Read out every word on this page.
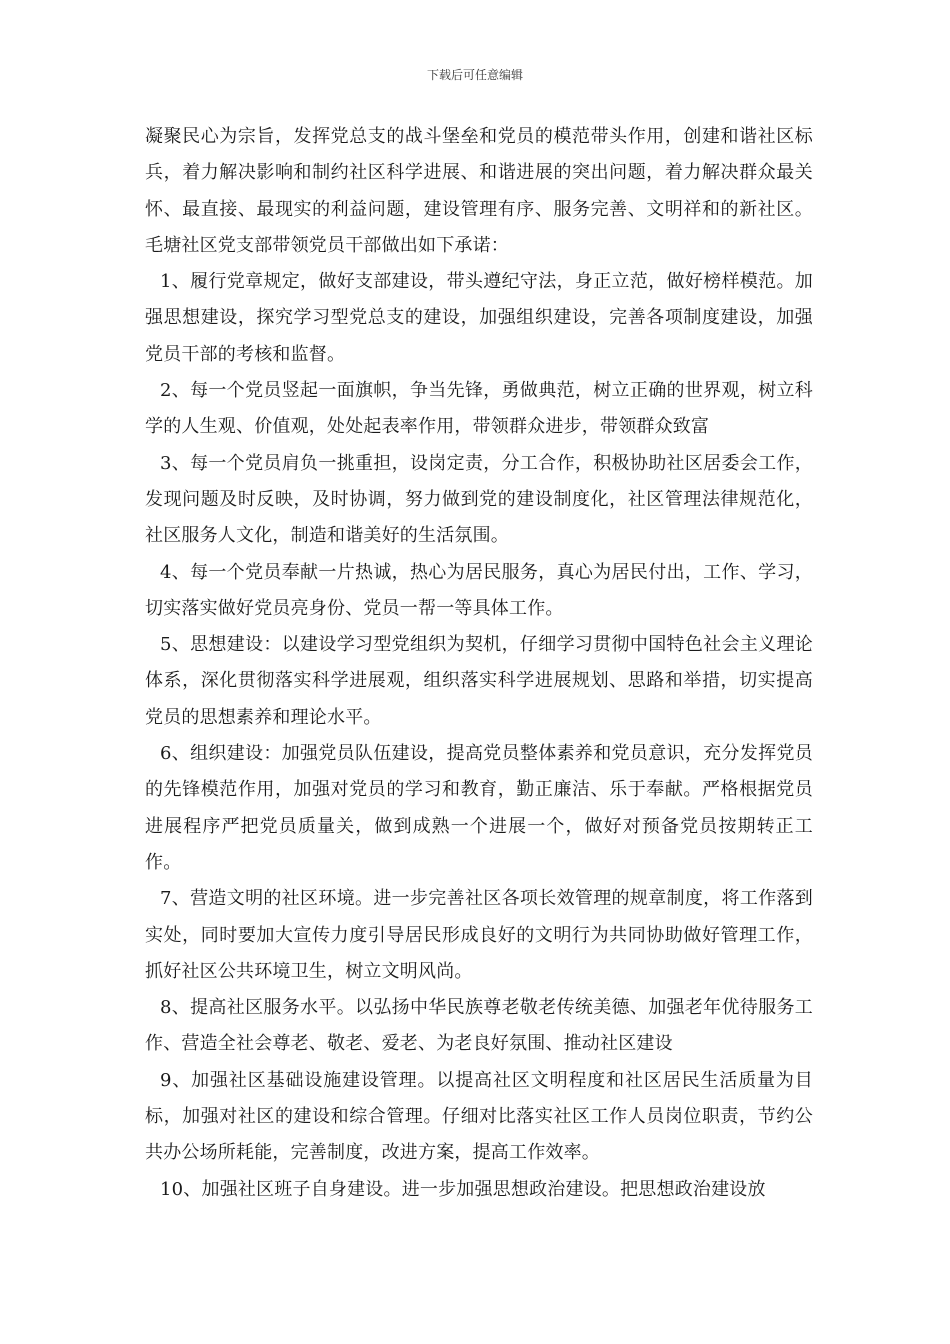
下载后可任意编辑

凝聚民心为宗旨，发挥党总支的战斗堡垒和党员的模范带头作用，创建和谐社区标兵，着力解决影响和制约社区科学进展、和谐进展的突出问题，着力解决群众最关怀、最直接、最现实的利益问题，建设管理有序、服务完善、文明祥和的新社区。毛塘社区党支部带领党员干部做出如下承诺：

1、履行党章规定，做好支部建设，带头遵纪守法，身正立范，做好榜样模范。加强思想建设，探究学习型党总支的建设，加强组织建设，完善各项制度建设，加强党员干部的考核和监督。

2、每一个党员竖起一面旗帜，争当先锋，勇做典范，树立正确的世界观，树立科学的人生观、价值观，处处起表率作用，带领群众进步，带领群众致富

3、每一个党员肩负一挑重担，设岗定责，分工合作，积极协助社区居委会工作，发现问题及时反映，及时协调，努力做到党的建设制度化，社区管理法律规范化，社区服务人文化，制造和谐美好的生活氛围。

4、每一个党员奉献一片热诚，热心为居民服务，真心为居民付出，工作、学习，切实落实做好党员亮身份、党员一帮一等具体工作。

5、思想建设：以建设学习型党组织为契机，仔细学习贯彻中国特色社会主义理论体系，深化贯彻落实科学进展观，组织落实科学进展规划、思路和举措，切实提高党员的思想素养和理论水平。

6、组织建设：加强党员队伍建设，提高党员整体素养和党员意识，充分发挥党员的先锋模范作用，加强对党员的学习和教育，勤正廉洁、乐于奉献。严格根据党员进展程序严把党员质量关，做到成熟一个进展一个，做好对预备党员按期转正工作。

7、营造文明的社区环境。进一步完善社区各项长效管理的规章制度，将工作落到实处，同时要加大宣传力度引导居民形成良好的文明行为共同协助做好管理工作，抓好社区公共环境卫生，树立文明风尚。

8、提高社区服务水平。以弘扬中华民族尊老敬老传统美德、加强老年优待服务工作、营造全社会尊老、敬老、爱老、为老良好氛围、推动社区建设

9、加强社区基础设施建设管理。以提高社区文明程度和社区居民生活质量为目标，加强对社区的建设和综合管理。仔细对比落实社区工作人员岗位职责，节约公共办公场所耗能，完善制度，改进方案，提高工作效率。

10、加强社区班子自身建设。进一步加强思想政治建设。把思想政治建设放
